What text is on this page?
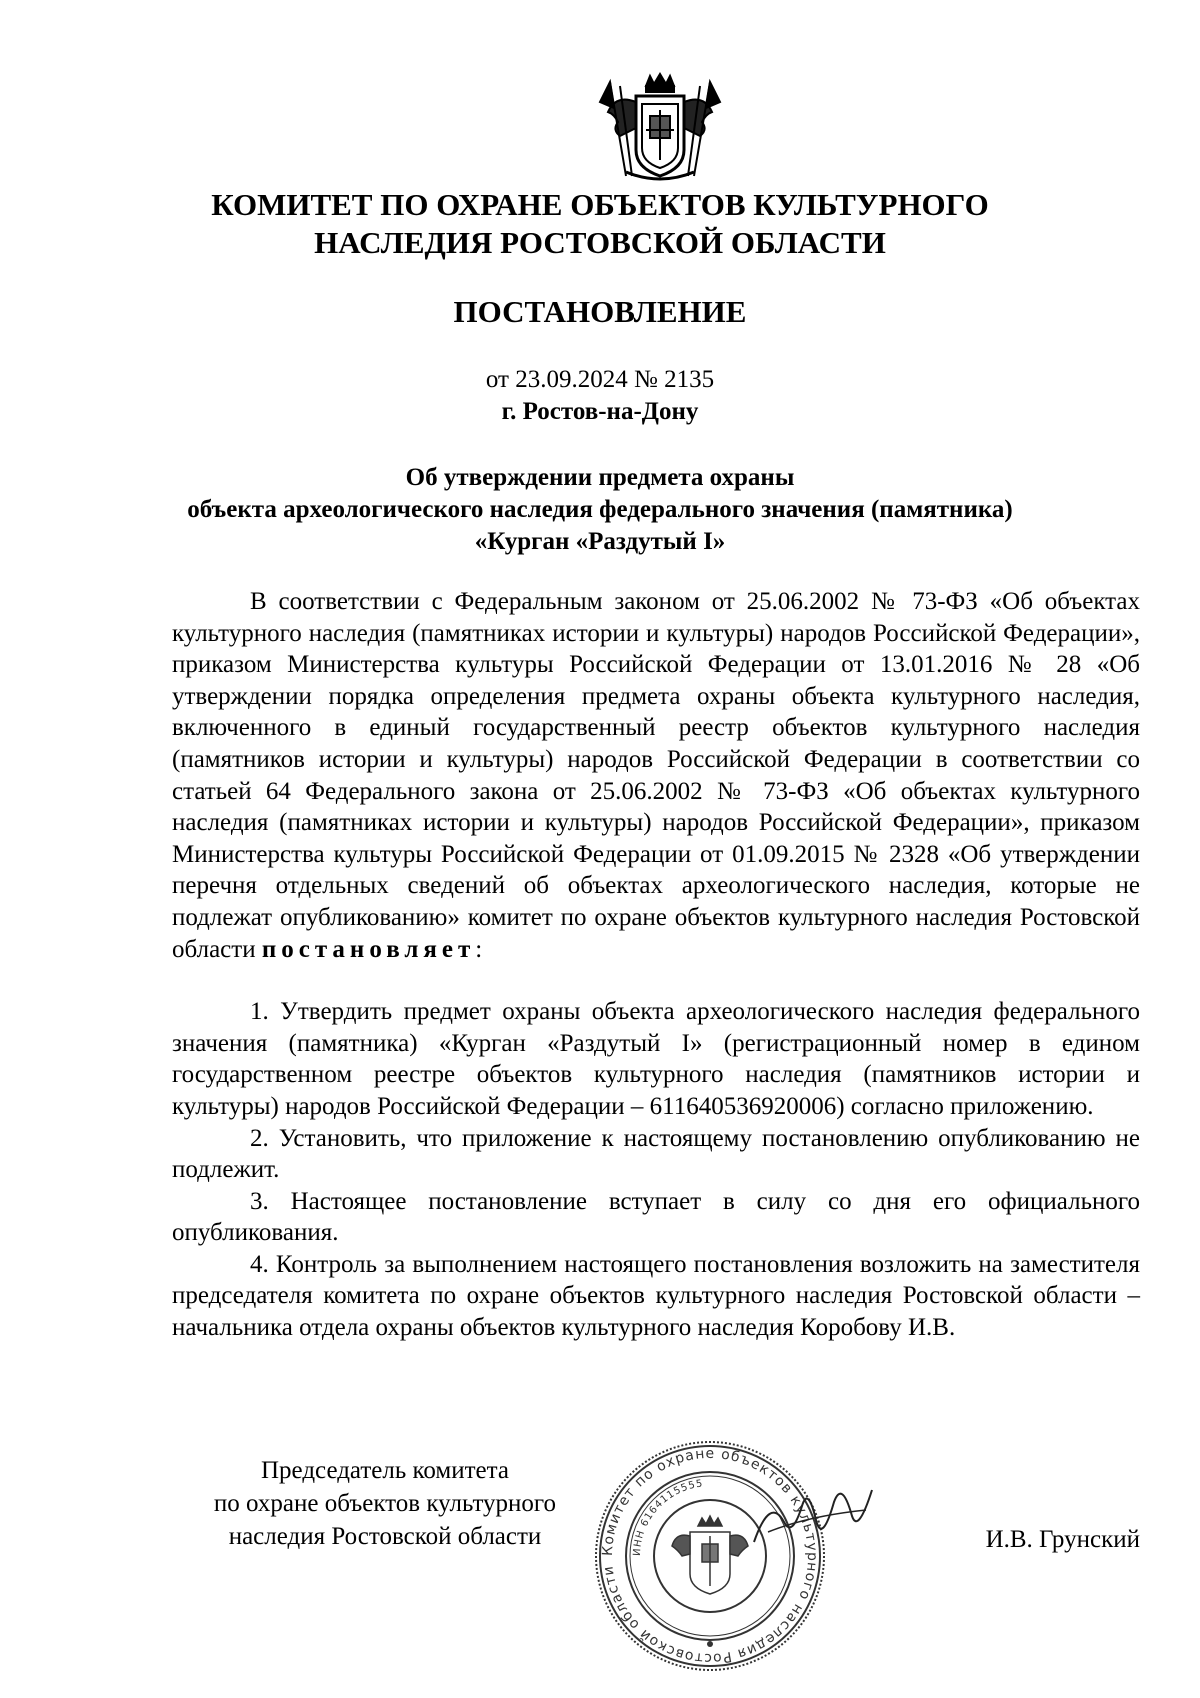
КОМИТЕТ ПО ОХРАНЕ ОБЪЕКТОВ КУЛЬТУРНОГО
НАСЛЕДИЯ РОСТОВСКОЙ ОБЛАСТИ
ПОСТАНОВЛЕНИЕ
от 23.09.2024 № 2135
г. Ростов-на-Дону
Об утверждении предмета охраны
объекта археологического наследия федерального значения (памятника)
«Курган «Раздутый I»

В соответствии с Федеральным законом от 25.06.2002 № 73-ФЗ «Об объектах культурного наследия (памятниках истории и культуры) народов Российской Федерации», приказом Министерства культуры Российской Федерации от 13.01.2016 № 28 «Об утверждении порядка определения предмета охраны объекта культурного наследия, включенного в единый государственный реестр объектов культурного наследия (памятников истории и культуры) народов Российской Федерации в соответствии со статьей 64 Федерального закона от 25.06.2002 № 73-ФЗ «Об объектах культурного наследия (памятниках истории и культуры) народов Российской Федерации», приказом Министерства культуры Российской Федерации от 01.09.2015 № 2328 «Об утверждении перечня отдельных сведений об объектах археологического наследия, которые не подлежат опубликованию» комитет по охране объектов культурного наследия Ростовской области постановляет:

1. Утвердить предмет охраны объекта археологического наследия федерального значения (памятника) «Курган «Раздутый I» (регистрационный номер в едином государственном реестре объектов культурного наследия (памятников истории и культуры) народов Российской Федерации – 611640536920006) согласно приложению.

2. Установить, что приложение к настоящему постановлению опубликованию не подлежит.

3. Настоящее постановление вступает в силу со дня его официального опубликования.

4. Контроль за выполнением настоящего постановления возложить на заместителя председателя комитета по охране объектов культурного наследия Ростовской области – начальника отдела охраны объектов культурного наследия Коробову И.В.

Председатель комитета
по охране объектов культурного
наследия Ростовской области
Комитет по охране объектов культурного наследия Ростовской области
ИНН 6164115555
И.В. Грунский
